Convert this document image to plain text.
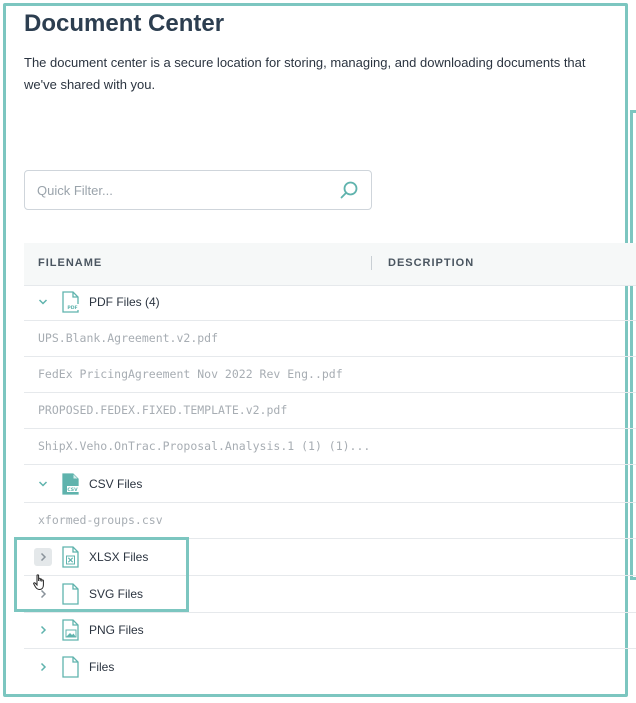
Document Center

The document center is a secure location for storing, managing, and downloading documents that we've shared with you.

Quick Filter...
FILENAME	DESCRIPTION
PDF PDF Files (4)
UPS.Blank.Agreement.v2.pdf
FedEx PricingAgreement Nov 2022 Rev Eng..pdf
PROPOSED.FEDEX.FIXED.TEMPLATE.v2.pdf
ShipX.Veho.OnTrac.Proposal.Analysis.1 (1) (1)...
CSV CSV Files
xformed-groups.csv
XLSX Files
SVG Files
PNG Files
Files
